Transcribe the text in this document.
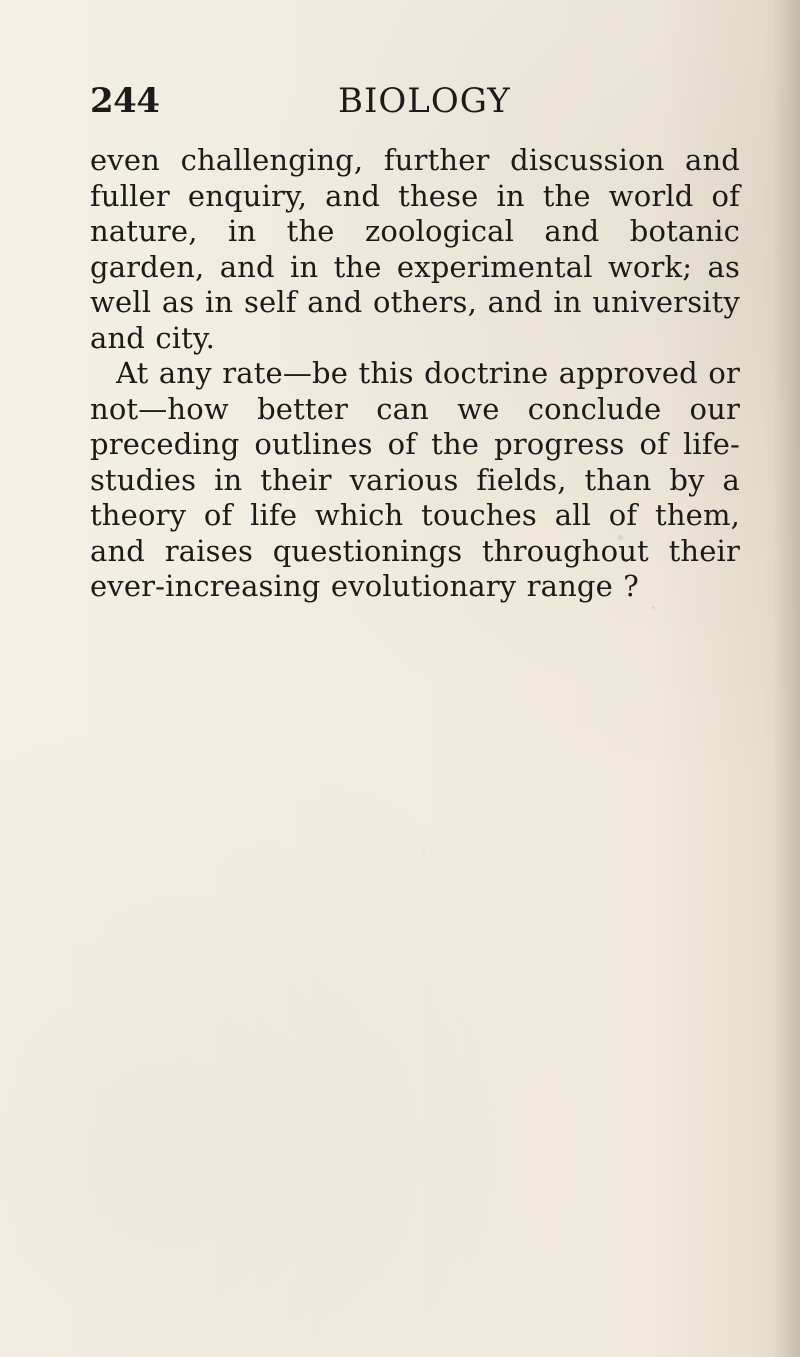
244	BIOLOGY

even challenging, further discussion and fuller enquiry, and these in the world of nature, in the zoological and botanic garden, and in the experimental work; as well as in self and others, and in university and city.

At any rate—be this doctrine approved or not—how better can we conclude our preceding outlines of the progress of life-studies in their various fields, than by a theory of life which touches all of them, and raises questionings throughout their ever-increasing evolutionary range ?
